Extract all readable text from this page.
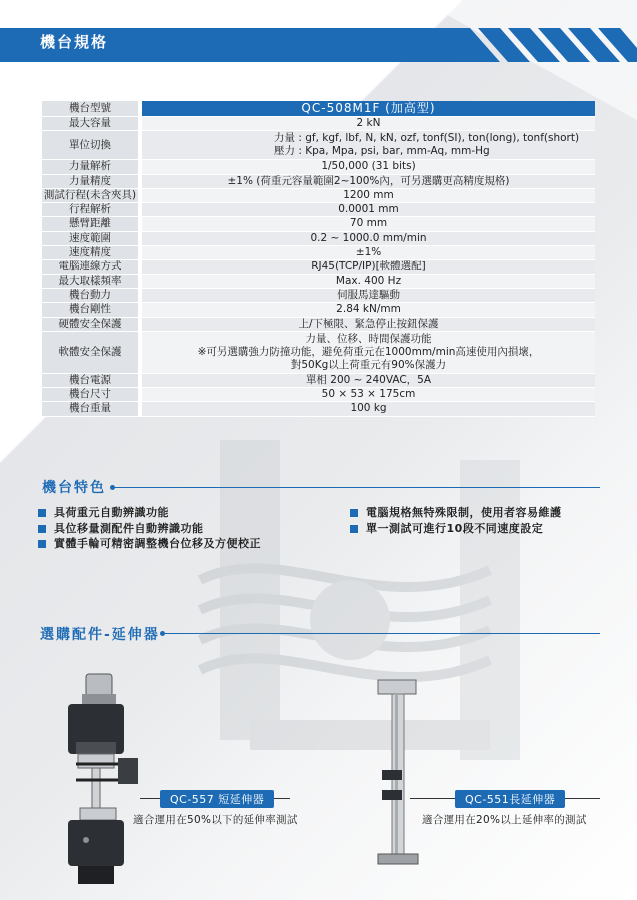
機台規格
機台型號	QC-508M1F (加高型)
最大容量	2 kN
單位切換	力量 : gf, kgf, lbf, N, kN, ozf, tonf(SI), ton(long), tonf(short)
壓力 : Kpa, Mpa, psi, bar, mm-Aq, mm-Hg

力量解析	1/50,000 (31 bits)
力量精度	±1% (荷重元容量範圍2~100%內，可另選購更高精度規格)
測試行程(未含夾具)	1200 mm
行程解析	0.0001 mm
懸臂距離	70 mm
速度範圍	0.2 ~ 1000.0 mm/min
速度精度	±1%
電腦連線方式	RJ45(TCP/IP)[軟體選配]
最大取樣頻率	Max. 400 Hz
機台動力	伺服馬達驅動
機台剛性	2.84 kN/mm
硬體安全保護	上/下極限、緊急停止按鈕保護
軟體安全保護	力量、位移、時間保護功能
※可另選購強力防撞功能，避免荷重元在1000mm/min高速使用內損壞，
對50Kg以上荷重元有90%保護力

機台電源	單相 200 ~ 240VAC，5A
機台尺寸	50 × 53 × 175cm
機台重量	100 kg
機台特色
具荷重元自動辨識功能
具位移量測配件自動辨識功能
實體手輪可精密調整機台位移及方便校正
電腦規格無特殊限制，使用者容易維護
單一測試可進行10段不同速度設定
選購配件-延伸器
QC-557 短延伸器
適合運用在50%以下的延伸率測試
QC-551長延伸器
適合運用在20%以上延伸率的測試
